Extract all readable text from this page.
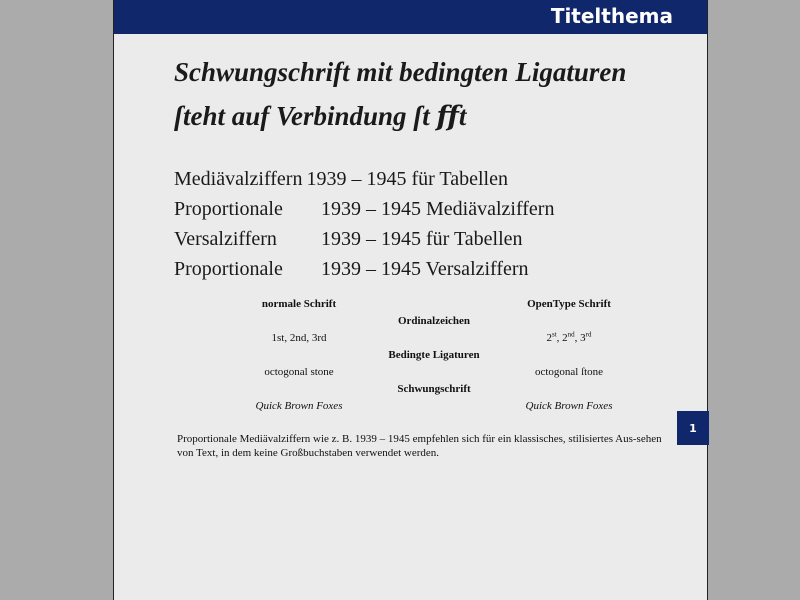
Titelthema
Schwungschrift mit bedingten Ligaturen
ſteht auf Verbindung ſt ﬀt
Mediävalziffern 1939 – 1945 für Tabellen
Proportionale	1939 – 1945 Mediävalziffern
Versalziffern	1939 – 1945 für Tabellen
Proportionale	1939 – 1945 Versalziffern
normale Schrift	OpenType Schrift
Ordinalzeichen
1st, 2nd, 3rd	2st, 2nd, 3rd
Bedingte Ligaturen
octogonal stone	octogonal ſtone
Schwungschrift
Quick Brown Foxes	Quick Brown Foxes
1
Proportionale Mediävalziffern wie z. B. 1939 – 1945 empfehlen sich für ein klassisches, stilisiertes Aus-sehen von Text, in dem keine Großbuchstaben verwendet werden.
